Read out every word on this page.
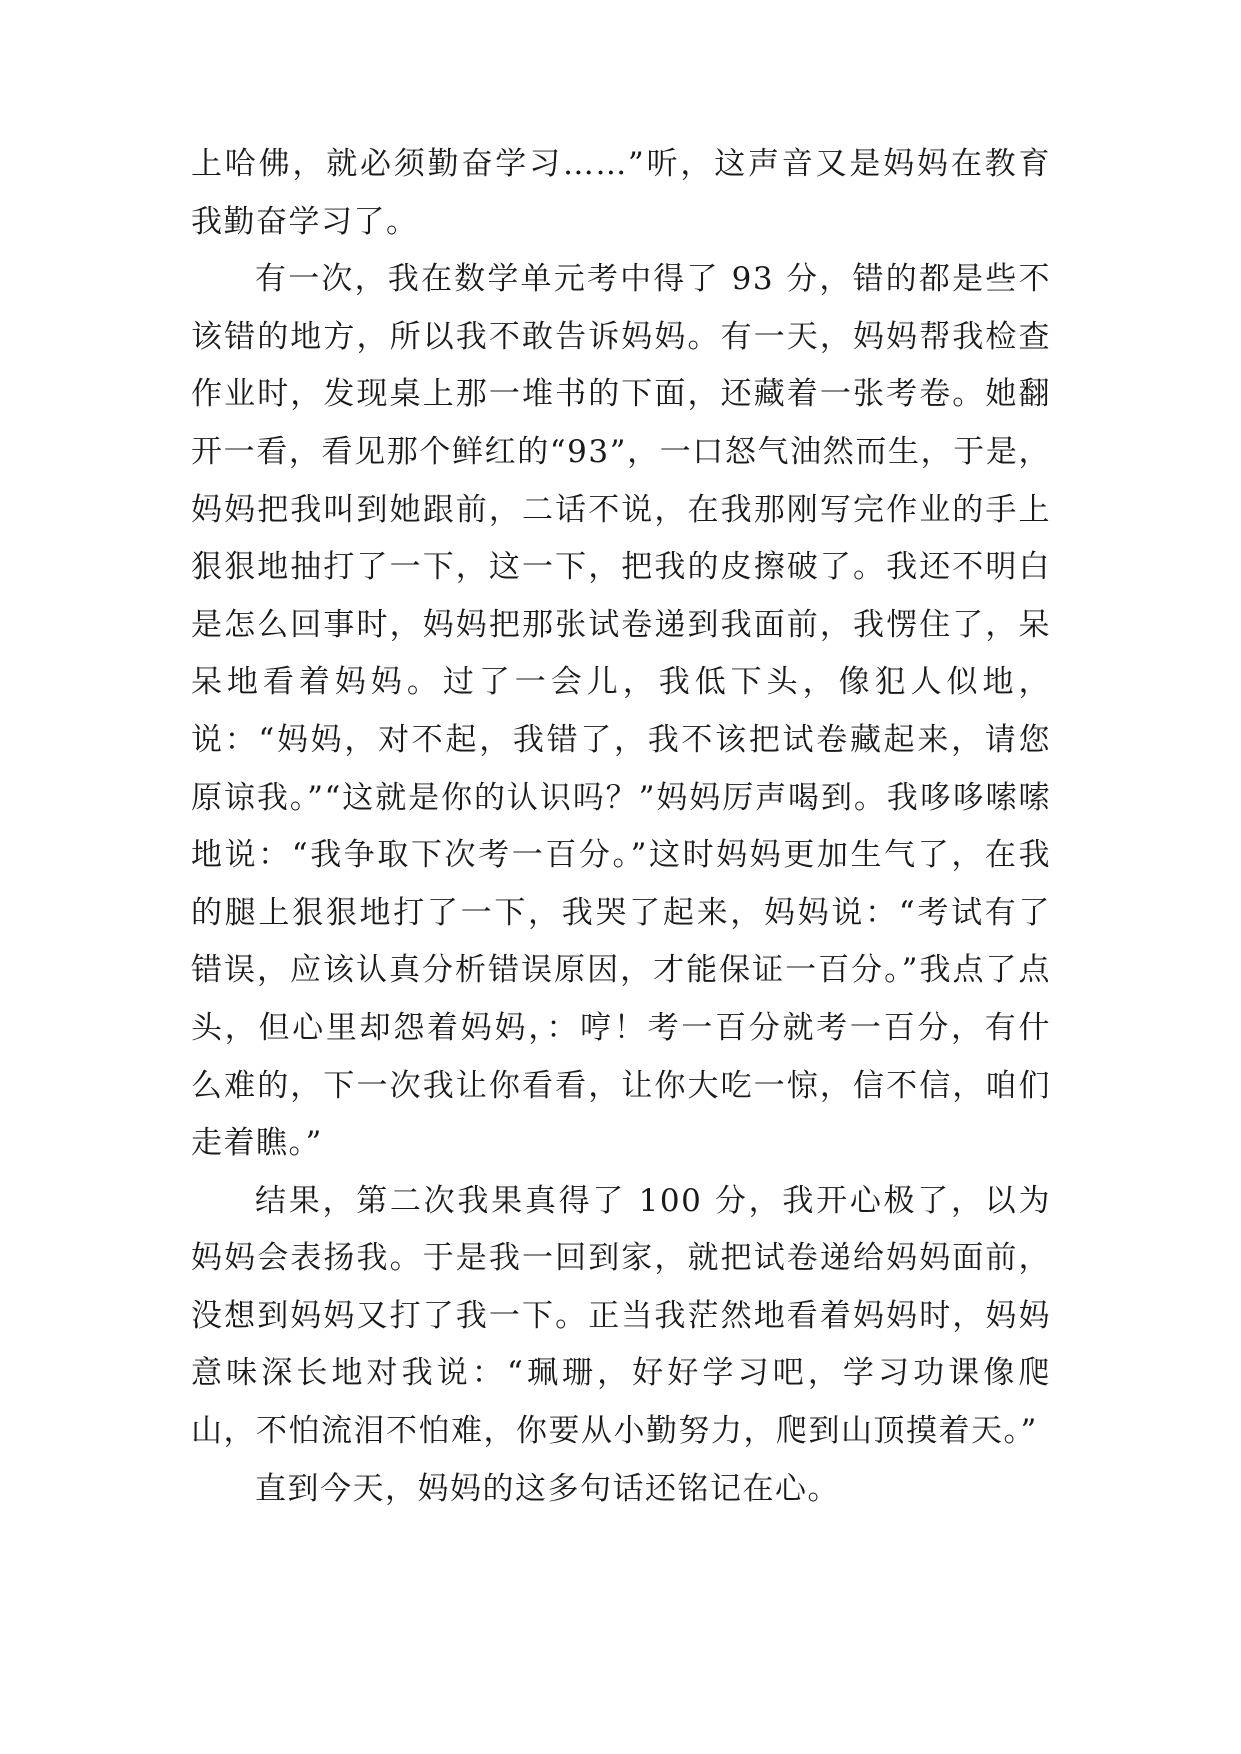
上哈佛，就必须勤奋学习……”听，这声音又是妈妈在教育我勤奋学习了。

有一次，我在数学单元考中得了 93 分，错的都是些不该错的地方，所以我不敢告诉妈妈。有一天，妈妈帮我检查作业时，发现桌上那一堆书的下面，还藏着一张考卷。她翻开一看，看见那个鲜红的“93”，一口怒气油然而生，于是，妈妈把我叫到她跟前，二话不说，在我那刚写完作业的手上狠狠地抽打了一下，这一下，把我的皮擦破了。我还不明白是怎么回事时，妈妈把那张试卷递到我面前，我愣住了，呆呆地看着妈妈。过了一会儿，我低下头，像犯人似地，说：“妈妈，对不起，我错了，我不该把试卷藏起来，请您原谅我。”“这就是你的认识吗？”妈妈厉声喝到。我哆哆嗦嗦地说：“我争取下次考一百分。”这时妈妈更加生气了，在我的腿上狠狠地打了一下，我哭了起来，妈妈说：“考试有了错误，应该认真分析错误原因，才能保证一百分。”我点了点头，但心里却怨着妈妈，：哼！考一百分就考一百分，有什么难的，下一次我让你看看，让你大吃一惊，信不信，咱们走着瞧。”

结果，第二次我果真得了 100 分，我开心极了，以为妈妈会表扬我。于是我一回到家，就把试卷递给妈妈面前，没想到妈妈又打了我一下。正当我茫然地看着妈妈时，妈妈意味深长地对我说：“珮珊，好好学习吧，学习功课像爬山，不怕流泪不怕难，你要从小勤努力，爬到山顶摸着天。”

直到今天，妈妈的这多句话还铭记在心。
